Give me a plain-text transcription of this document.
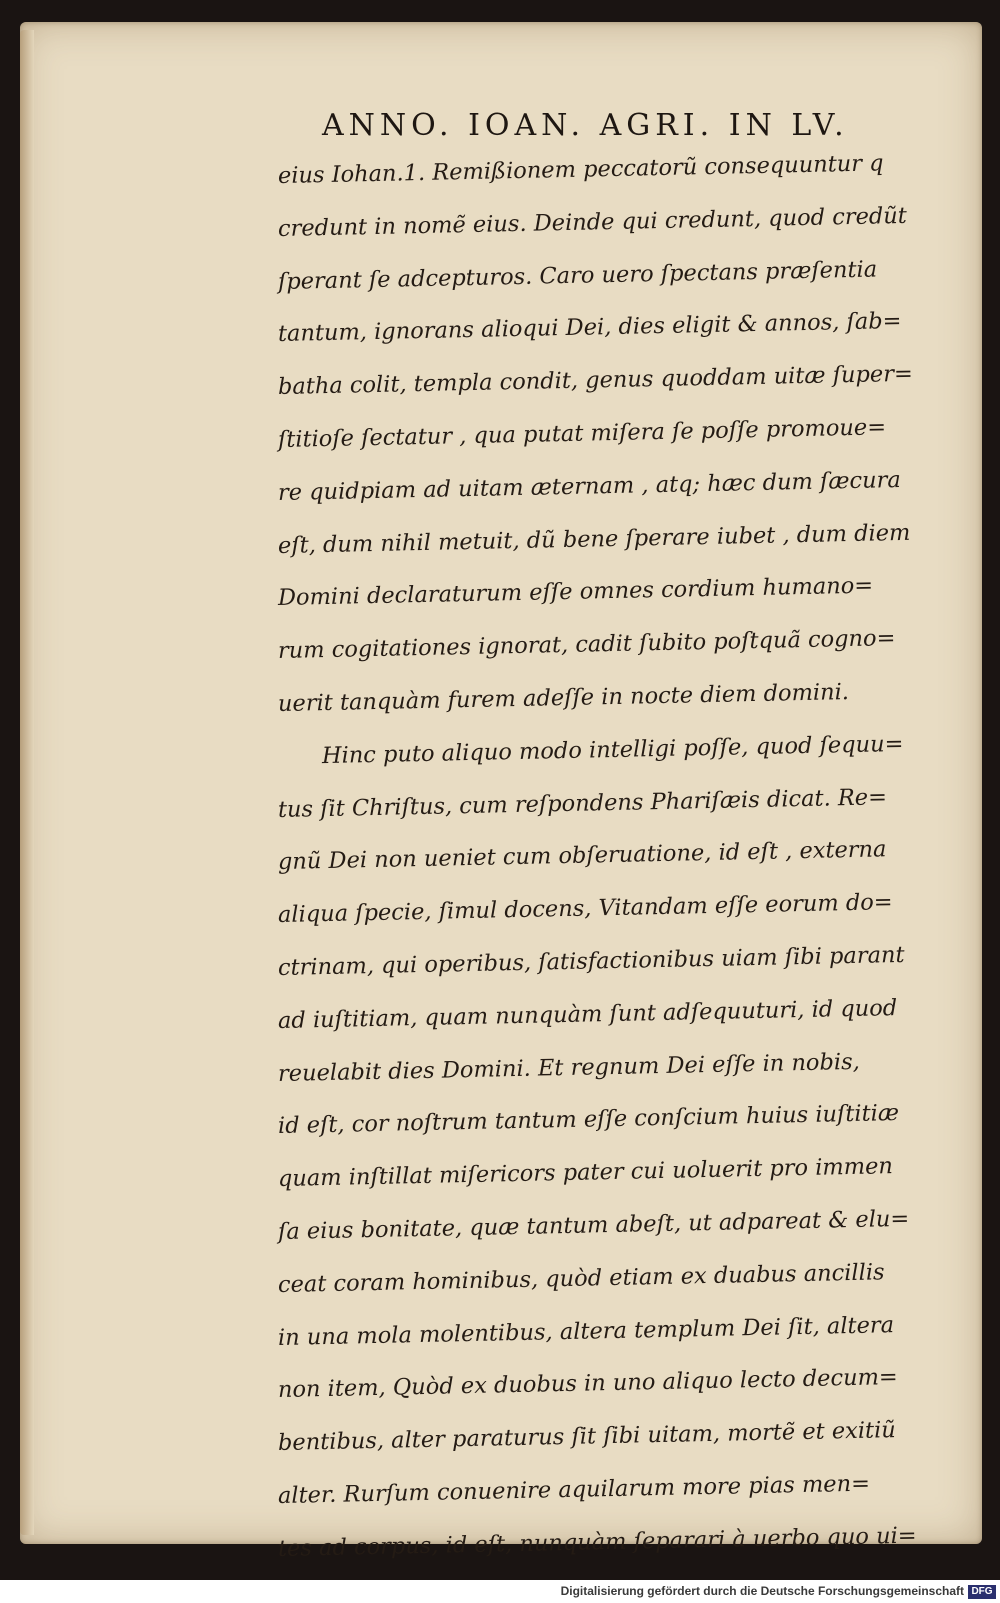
ANNO. IOAN. AGRI. IN LV.
eius Iohan.1. Remißionem peccatorũ consequuntur q
credunt in nomẽ eius. Deinde qui credunt, quod credũt
ſperant ſe adcepturos. Caro uero ſpectans præſentia
tantum, ignorans alioqui Dei, dies eligit & annos, ſab=
batha colit, templa condit, genus quoddam uitæ ſuper=
ſtitioſe ſectatur , qua putat miſera ſe poſſe promoue=
re quidpiam ad uitam æternam , atq; hæc dum ſæcura
eſt, dum nihil metuit, dũ bene ſperare iubet , dum diem
Domini declaraturum eſſe omnes cordium humano=
rum cogitationes ignorat, cadit ſubito poſtquã cogno=
uerit tanquàm furem adeſſe in nocte diem domini.
Hinc puto aliquo modo intelligi poſſe, quod ſequu=
tus ſit Chriſtus, cum reſpondens Phariſæis dicat. Re=
gnũ Dei non ueniet cum obſeruatione, id eſt , externa
aliqua ſpecie, ſimul docens, Vitandam eſſe eorum do=
ctrinam, qui operibus, ſatisfactionibus uiam ſibi parant
ad iuſtitiam, quam nunquàm ſunt adſequuturi, id quod
reuelabit dies Domini. Et regnum Dei eſſe in nobis,
id eſt, cor noſtrum tantum eſſe conſcium huius iuſtitiæ
quam inſtillat miſericors pater cui uoluerit pro immen
ſa eius bonitate, quæ tantum abeſt, ut adpareat & elu=
ceat coram hominibus, quòd etiam ex duabus ancillis
in una mola molentibus, altera templum Dei ſit, altera
non item, Quòd ex duobus in uno aliquo lecto decum=
bentibus, alter paraturus ſit ſibi uitam, mortẽ et exitiũ
alter. Rurſum conuenire aquilarum more pias men=
tes ad corpus, id eſt, nunquàm ſeparari à uerbo quo ui=
Digitalisierung gefördert durch die Deutsche Forschungsgemeinschaft DFG
